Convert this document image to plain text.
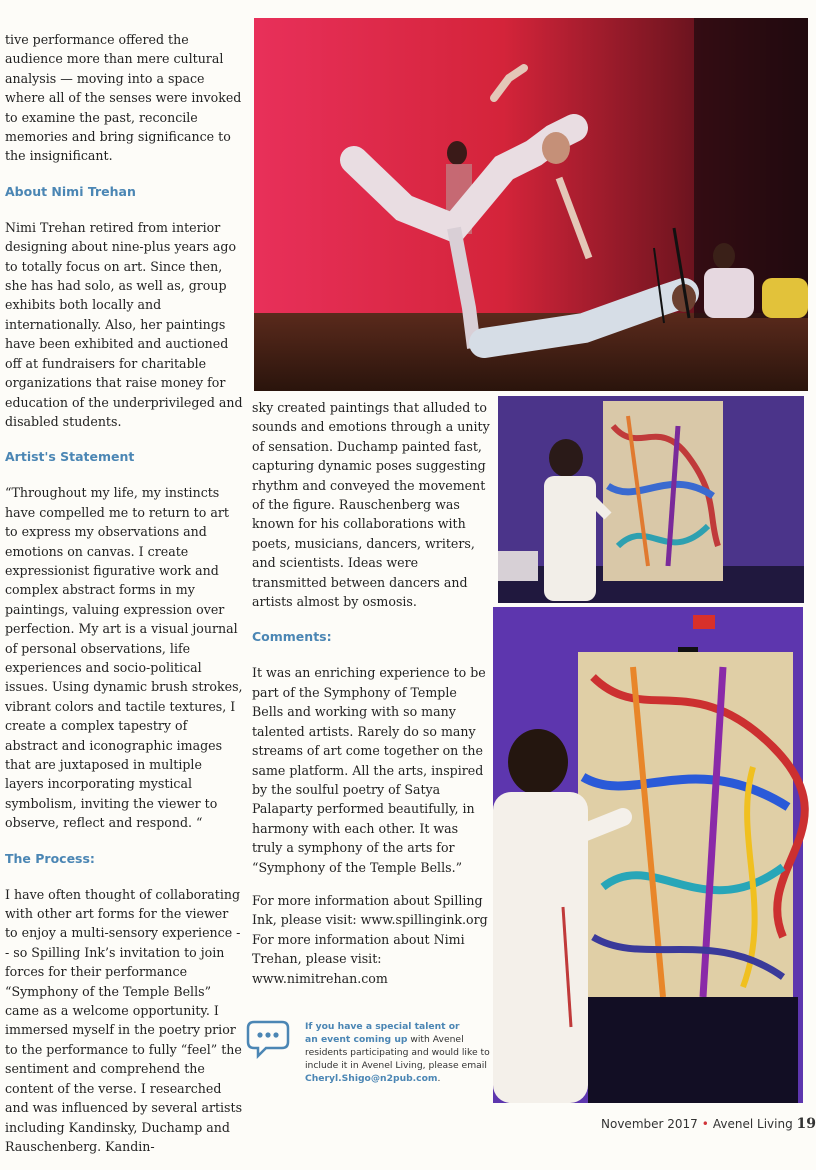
tive performance offered the audience more than mere cultural analysis — moving into a space where all of the senses were invoked to examine the past, reconcile memories and bring significance to the insignificant.

About Nimi Trehan

Nimi Trehan retired from interior designing about nine-plus years ago to totally focus on art. Since then, she has had solo, as well as, group exhibits both locally and internationally. Also, her paintings have been exhibited and auctioned off at fundraisers for charitable organizations that raise money for education of the underprivileged and disabled students.

Artist's Statement

“Throughout my life, my instincts have compelled me to return to art to express my observations and emotions on canvas. I create expressionist figurative work and complex abstract forms in my paintings, valuing expression over perfection. My art is a visual journal of personal observations, life experiences and socio-political issues. Using dynamic brush strokes, vibrant colors and tactile textures, I create a complex tapestry of abstract and iconographic images that are juxtaposed in multiple layers incorporating mystical symbolism, inviting the viewer to observe, reflect and respond. “

The Process:

I have often thought of collaborating with other art forms for the viewer to enjoy a multi-sensory experience -- so Spilling Ink’s invitation to join forces for their performance “Symphony of the Temple Bells” came as a welcome opportunity. I immersed myself in the poetry prior to the performance to fully “feel” the sentiment and comprehend the content of the verse. I researched and was influenced by several artists including Kandinsky, Duchamp and Rauschenberg. Kandin-

sky created paintings that alluded to sounds and emotions through a unity of sensation. Duchamp painted fast, capturing dynamic poses suggesting rhythm and conveyed the movement of the figure. Rauschenberg was known for his collaborations with poets, musicians, dancers, writers, and scientists. Ideas were transmitted between dancers and artists almost by osmosis.

Comments:

It was an enriching experience to be part of the Symphony of Temple Bells and working with so many talented artists. Rarely do so many streams of art come together on the same platform. All the arts, inspired by the soulful poetry of Satya Palaparty performed beautifully, in harmony with each other. It was truly a symphony of the arts for “Symphony of the Temple Bells.”

For more information about Spilling Ink, please visit: www.spillingink.org
For more information about Nimi Trehan, please visit: www.nimitrehan.com

If you have a special talent or
an event coming up with Avenel residents participating and would like to include it in Avenel Living, please email Cheryl.Shigo@n2pub.com.
November 2017 • Avenel Living 19
